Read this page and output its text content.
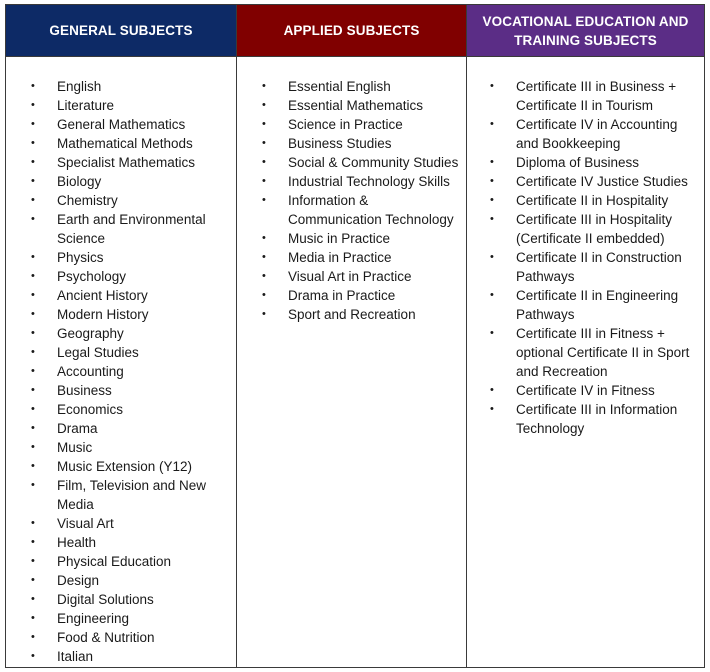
GENERAL SUBJECTS	APPLIED SUBJECTS
VOCATIONAL EDUCATION AND TRAINING SUBJECTS
• English
• Literature
• General Mathematics
• Mathematical Methods
• Specialist Mathematics
• Biology
• Chemistry
• Earth and Environmental Science
• Physics
• Psychology
• Ancient History
• Modern History
• Geography
• Legal Studies
• Accounting
• Business
• Economics
• Drama
• Music
• Music Extension (Y12)
• Film, Television and New Media
• Visual Art
• Health
• Physical Education
• Design
• Digital Solutions
• Engineering
• Food & Nutrition
• Italian
• Essential English
• Essential Mathematics
• Science in Practice
• Business Studies
• Social & Community Studies
• Industrial Technology Skills
• Information & Communication Technology
• Music in Practice
• Media in Practice
• Visual Art in Practice
• Drama in Practice
• Sport and Recreation
• Certificate III in Business + Certificate II in Tourism
• Certificate IV in Accounting and Bookkeeping
• Diploma of Business
• Certificate IV Justice Studies
• Certificate II in Hospitality
• Certificate III in Hospitality (Certificate II embedded)
• Certificate II in Construction Pathways
• Certificate II in Engineering Pathways
• Certificate III in Fitness + optional Certificate II in Sport and Recreation
• Certificate IV in Fitness
• Certificate III in Information Technology
